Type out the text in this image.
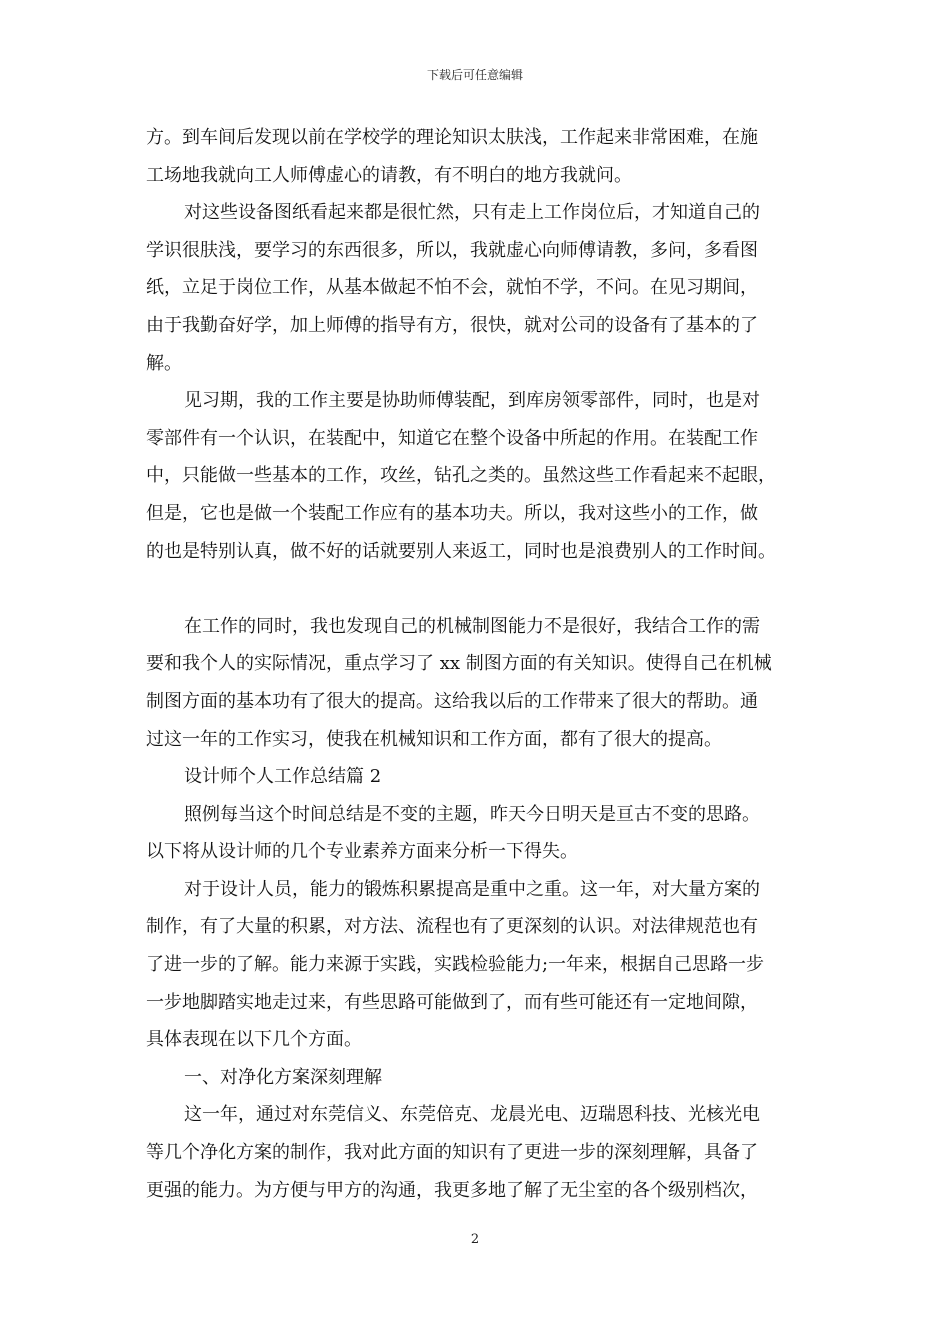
下载后可任意编辑
方。到车间后发现以前在学校学的理论知识太肤浅，工作起来非常困难，在施
工场地我就向工人师傅虚心的请教，有不明白的地方我就问。
对这些设备图纸看起来都是很忙然，只有走上工作岗位后，才知道自己的
学识很肤浅，要学习的东西很多，所以，我就虚心向师傅请教，多问，多看图
纸，立足于岗位工作，从基本做起不怕不会，就怕不学，不问。在见习期间，
由于我勤奋好学，加上师傅的指导有方，很快，就对公司的设备有了基本的了
解。
见习期，我的工作主要是协助师傅装配，到库房领零部件，同时，也是对
零部件有一个认识，在装配中，知道它在整个设备中所起的作用。在装配工作
中，只能做一些基本的工作，攻丝，钻孔之类的。虽然这些工作看起来不起眼，
但是，它也是做一个装配工作应有的基本功夫。所以，我对这些小的工作，做
的也是特别认真，做不好的话就要别人来返工，同时也是浪费别人的工作时间。
在工作的同时，我也发现自己的机械制图能力不是很好，我结合工作的需
要和我个人的实际情况，重点学习了 xx 制图方面的有关知识。使得自己在机械
制图方面的基本功有了很大的提高。这给我以后的工作带来了很大的帮助。通
过这一年的工作实习，使我在机械知识和工作方面，都有了很大的提高。
设计师个人工作总结篇 2
照例每当这个时间总结是不变的主题，昨天今日明天是亘古不变的思路。
以下将从设计师的几个专业素养方面来分析一下得失。
对于设计人员，能力的锻炼积累提高是重中之重。这一年，对大量方案的
制作，有了大量的积累，对方法、流程也有了更深刻的认识。对法律规范也有
了进一步的了解。能力来源于实践，实践检验能力;一年来，根据自己思路一步
一步地脚踏实地走过来，有些思路可能做到了，而有些可能还有一定地间隙，
具体表现在以下几个方面。
一、对净化方案深刻理解
这一年，通过对东莞信义、东莞倍克、龙晨光电、迈瑞恩科技、光核光电
等几个净化方案的制作，我对此方面的知识有了更进一步的深刻理解，具备了
更强的能力。为方便与甲方的沟通，我更多地了解了无尘室的各个级别档次，
2
